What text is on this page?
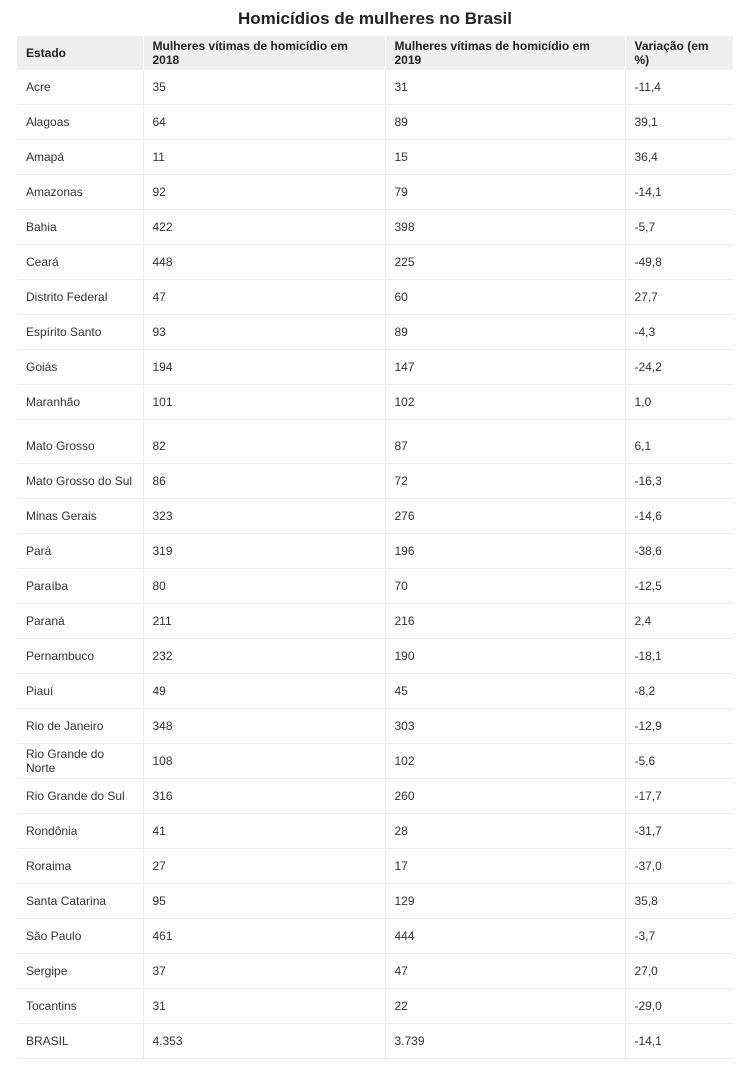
Homicídios de mulheres no Brasil
Estado	Mulheres vítimas de homicídio em 2018	Mulheres vítimas de homicídio em 2019	Variação (em %)
Acre	35	31	-11,4
Alagoas	64	89	39,1
Amapá	11	15	36,4
Amazonas	92	79	-14,1
Bahia	422	398	-5,7
Ceará	448	225	-49,8
Distrito Federal	47	60	27,7
Espírito Santo	93	89	-4,3
Goiás	194	147	-24,2
Maranhão	101	102	1,0
Mato Grosso	82	87	6,1
Mato Grosso do Sul	86	72	-16,3
Minas Gerais	323	276	-14,6
Pará	319	196	-38,6
Paraíba	80	70	-12,5
Paraná	211	216	2,4
Pernambuco	232	190	-18,1
Piauí	49	45	-8,2
Rio de Janeiro	348	303	-12,9
Rio Grande do Norte	108	102	-5,6
Rio Grande do Sul	316	260	-17,7
Rondônia	41	28	-31,7
Roraima	27	17	-37,0
Santa Catarina	95	129	35,8
São Paulo	461	444	-3,7
Sergipe	37	47	27,0
Tocantins	31	22	-29,0
BRASIL	4.353	3.739	-14,1
